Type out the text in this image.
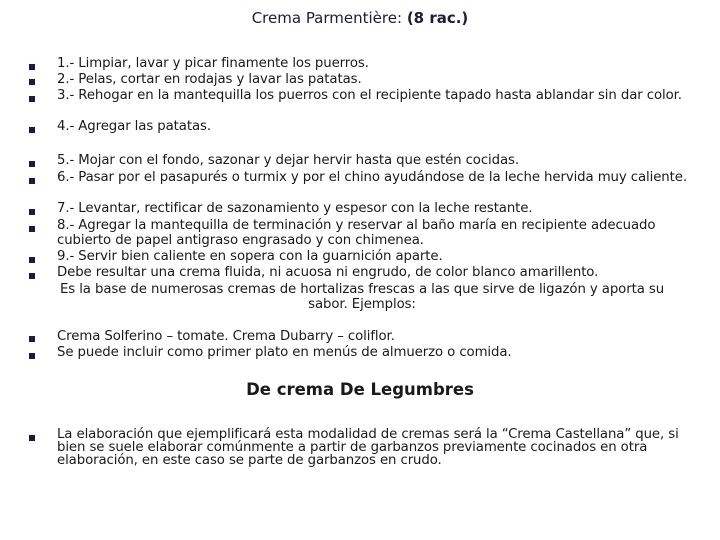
Crema Parmentière: (8 rac.)
1.- Limpiar, lavar y picar finamente los puerros.
2.- Pelas, cortar en rodajas y lavar las patatas.
3.- Rehogar en la mantequilla los puerros con el recipiente tapado hasta ablandar sin dar color.
4.- Agregar las patatas.
5.- Mojar con el fondo, sazonar y dejar hervir hasta que estén cocidas.
6.- Pasar por el pasapurés o turmix y por el chino ayudándose de la leche hervida muy caliente.
7.- Levantar, rectificar de sazonamiento y espesor con la leche restante.
8.- Agregar la mantequilla de terminación y reservar al baño maría en recipiente adecuado cubierto de papel antigraso engrasado y con chimenea.
9.- Servir bien caliente en sopera con la guarnición aparte.
Debe resultar una crema fluida, ni acuosa ni engrudo, de color blanco amarillento.
Es la base de numerosas cremas de hortalizas frescas a las que sirve de ligazón y aporta su sabor. Ejemplos:
Crema Solferino – tomate. Crema Dubarry – coliflor.
Se puede incluir como primer plato en menús de almuerzo o comida.
De crema De Legumbres
La elaboración que ejemplificará esta modalidad de cremas será la “Crema Castellana” que, si bien se suele elaborar comúnmente a partir de garbanzos previamente cocinados en otra elaboración, en este caso se parte de garbanzos en crudo.
